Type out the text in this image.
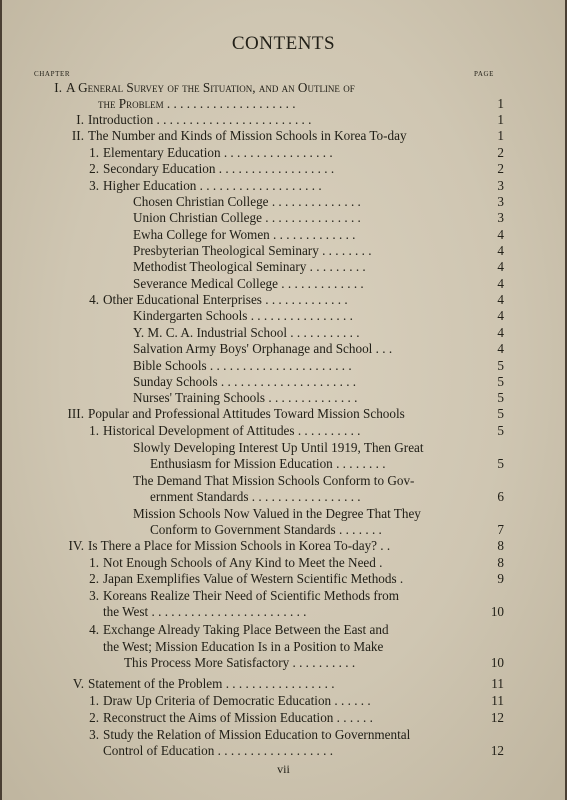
CONTENTS
CHAPTER	PAGE
I. A General Survey of the Situation, and an Outline of
the Problem . . . . . . . . . . . . . . . . . . . .	1
I. Introduction . . . . . . . . . . . . . . . . . . . . . . . .	1
II. The Number and Kinds of Mission Schools in Korea To-day	1
1. Elementary Education . . . . . . . . . . . . . . . . .	2
2. Secondary Education . . . . . . . . . . . . . . . . . .	2
3. Higher Education . . . . . . . . . . . . . . . . . . .	3
Chosen Christian College . . . . . . . . . . . . . .	3
Union Christian College . . . . . . . . . . . . . . .	3
Ewha College for Women . . . . . . . . . . . . .	4
Presbyterian Theological Seminary . . . . . . . .	4
Methodist Theological Seminary . . . . . . . . .	4
Severance Medical College . . . . . . . . . . . . .	4
4. Other Educational Enterprises . . . . . . . . . . . . .	4
Kindergarten Schools . . . . . . . . . . . . . . . .	4
Y. M. C. A. Industrial School . . . . . . . . . . .	4
Salvation Army Boys' Orphanage and School . . .	4
Bible Schools . . . . . . . . . . . . . . . . . . . . . .	5
Sunday Schools . . . . . . . . . . . . . . . . . . . . .	5
Nurses' Training Schools . . . . . . . . . . . . . .	5
III. Popular and Professional Attitudes Toward Mission Schools	5
1. Historical Development of Attitudes . . . . . . . . . .	5
Slowly Developing Interest Up Until 1919, Then Great
Enthusiasm for Mission Education . . . . . . . .	5
The Demand That Mission Schools Conform to Gov-
ernment Standards . . . . . . . . . . . . . . . . .	6
Mission Schools Now Valued in the Degree That They
Conform to Government Standards . . . . . . .	7
IV. Is There a Place for Mission Schools in Korea To-day? . .	8
1. Not Enough Schools of Any Kind to Meet the Need .	8
2. Japan Exemplifies Value of Western Scientific Methods .	9
3. Koreans Realize Their Need of Scientific Methods from
the West . . . . . . . . . . . . . . . . . . . . . . . .	10
4. Exchange Already Taking Place Between the East and
the West; Mission Education Is in a Position to Make
This Process More Satisfactory . . . . . . . . . .	10
V. Statement of the Problem . . . . . . . . . . . . . . . . .	11
1. Draw Up Criteria of Democratic Education . . . . . .	11
2. Reconstruct the Aims of Mission Education . . . . . .	12
3. Study the Relation of Mission Education to Governmental
Control of Education . . . . . . . . . . . . . . . . . .	12
vii
